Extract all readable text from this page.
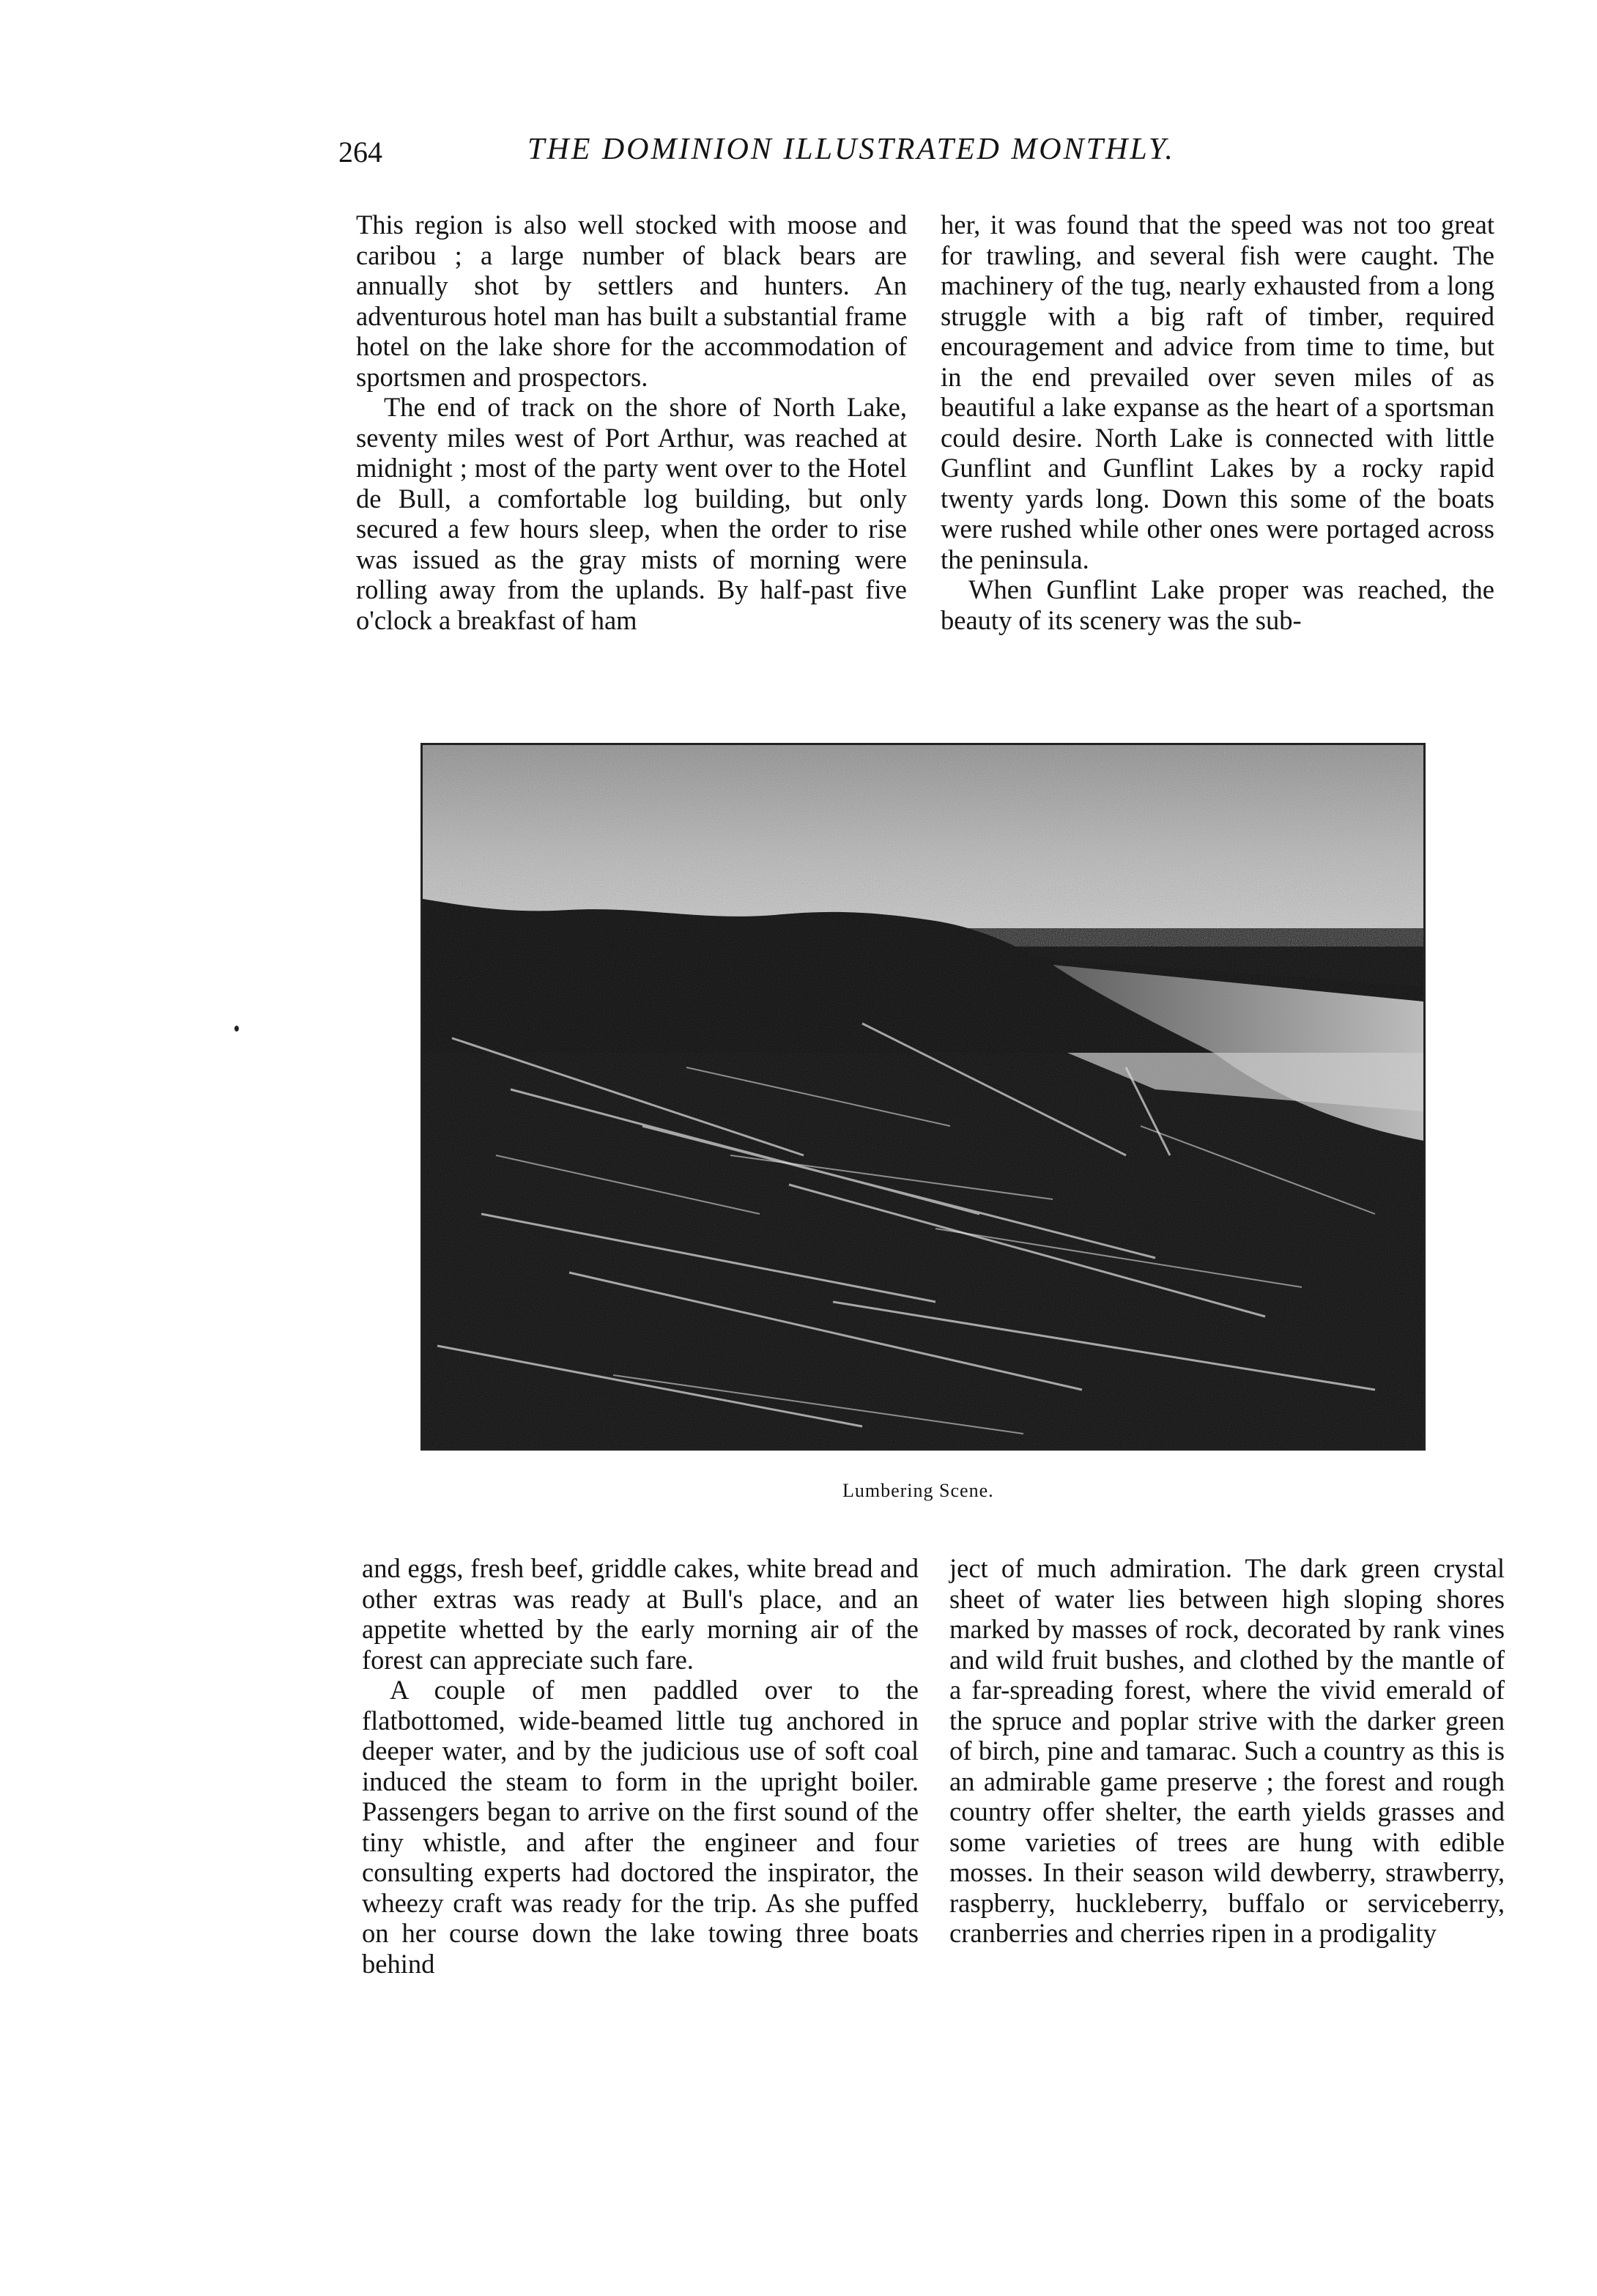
264	THE DOMINION ILLUSTRATED MONTHLY.

This region is also well stocked with moose and caribou ; a large number of black bears are annually shot by settlers and hunters. An adventurous hotel man has built a substantial frame hotel on the lake shore for the accommodation of sportsmen and prospectors.

The end of track on the shore of North Lake, seventy miles west of Port Arthur, was reached at midnight ; most of the party went over to the Hotel de Bull, a comfortable log building, but only secured a few hours sleep, when the order to rise was issued as the gray mists of morning were rolling away from the uplands. By half-past five o'clock a breakfast of ham

her, it was found that the speed was not too great for trawling, and several fish were caught. The machinery of the tug, nearly exhausted from a long struggle with a big raft of timber, required encouragement and advice from time to time, but in the end prevailed over seven miles of as beautiful a lake expanse as the heart of a sportsman could desire. North Lake is connected with little Gunflint and Gunflint Lakes by a rocky rapid twenty yards long. Down this some of the boats were rushed while other ones were portaged across the peninsula.

When Gunflint Lake proper was reached, the beauty of its scenery was the sub-

Lumbering Scene.

and eggs, fresh beef, griddle cakes, white bread and other extras was ready at Bull's place, and an appetite whetted by the early morning air of the forest can appreciate such fare.

A couple of men paddled over to the flatbottomed, wide-beamed little tug anchored in deeper water, and by the judicious use of soft coal induced the steam to form in the upright boiler. Passengers began to arrive on the first sound of the tiny whistle, and after the engineer and four consulting experts had doctored the inspirator, the wheezy craft was ready for the trip. As she puffed on her course down the lake towing three boats behind

ject of much admiration. The dark green crystal sheet of water lies between high sloping shores marked by masses of rock, decorated by rank vines and wild fruit bushes, and clothed by the mantle of a far-spreading forest, where the vivid emerald of the spruce and poplar strive with the darker green of birch, pine and tamarac. Such a country as this is an admirable game preserve ; the forest and rough country offer shelter, the earth yields grasses and some varieties of trees are hung with edible mosses. In their season wild dewberry, strawberry, raspberry, huckleberry, buffalo or serviceberry, cranberries and cherries ripen in a prodigality
